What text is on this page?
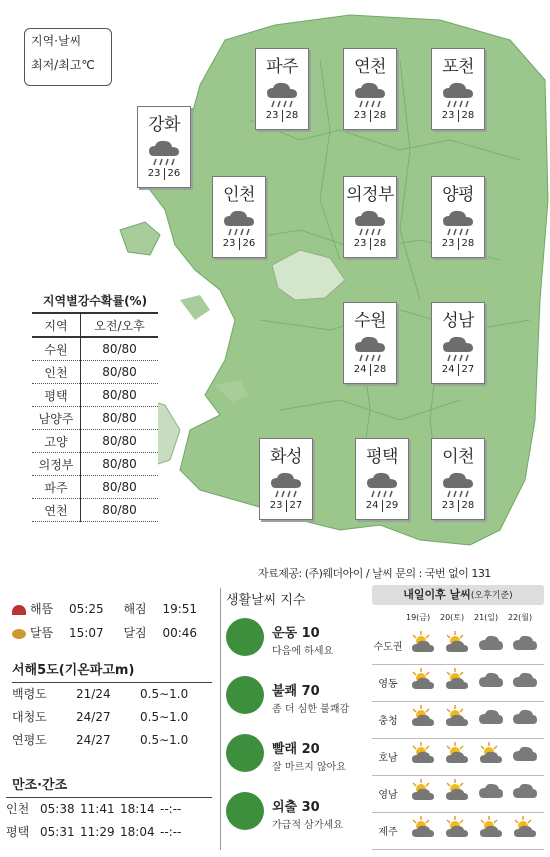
지역·날씨
최저/최고℃	파주
23 28
연천
23 28
포천
23 28
강화
23 26
인천
23 26
의정부
23 28
양평
23 28
수원
24 28
성남
24 27
화성
23 27
평택
24 29
이천
23 28
지역별강수확률(%)
지역	오전/오후
수원	80/80
인천	80/80
평택	80/80
남양주	80/80
고양	80/80
의정부	80/80
파주	80/80
연천	80/80
자료제공: (주)웨더아이 / 날씨 문의 : 국번 없이 131
해뜸 05:25 해짐 19:51
달뜸 15:07 달짐 00:46
서해5도(기온파고m)
백령도 21/24 0.5∼1.0
대청도 24/27 0.5∼1.0
연평도 24/27 0.5∼1.0
만조·간조
인천 05:38 11:41 18:14 --:--
평택 05:31 11:29 18:04 --:--
생활날씨 지수
운동 10
다음에 하세요
불쾌 70
좀 더 심한 불쾌감
빨래 20
잘 마르지 않아요
외출 30
가급적 삼가세요
내일이후 날씨(오후기준)
19(금) 20(토) 21(일) 22(월)
수도권
영동
충청
호남
영남
제주
